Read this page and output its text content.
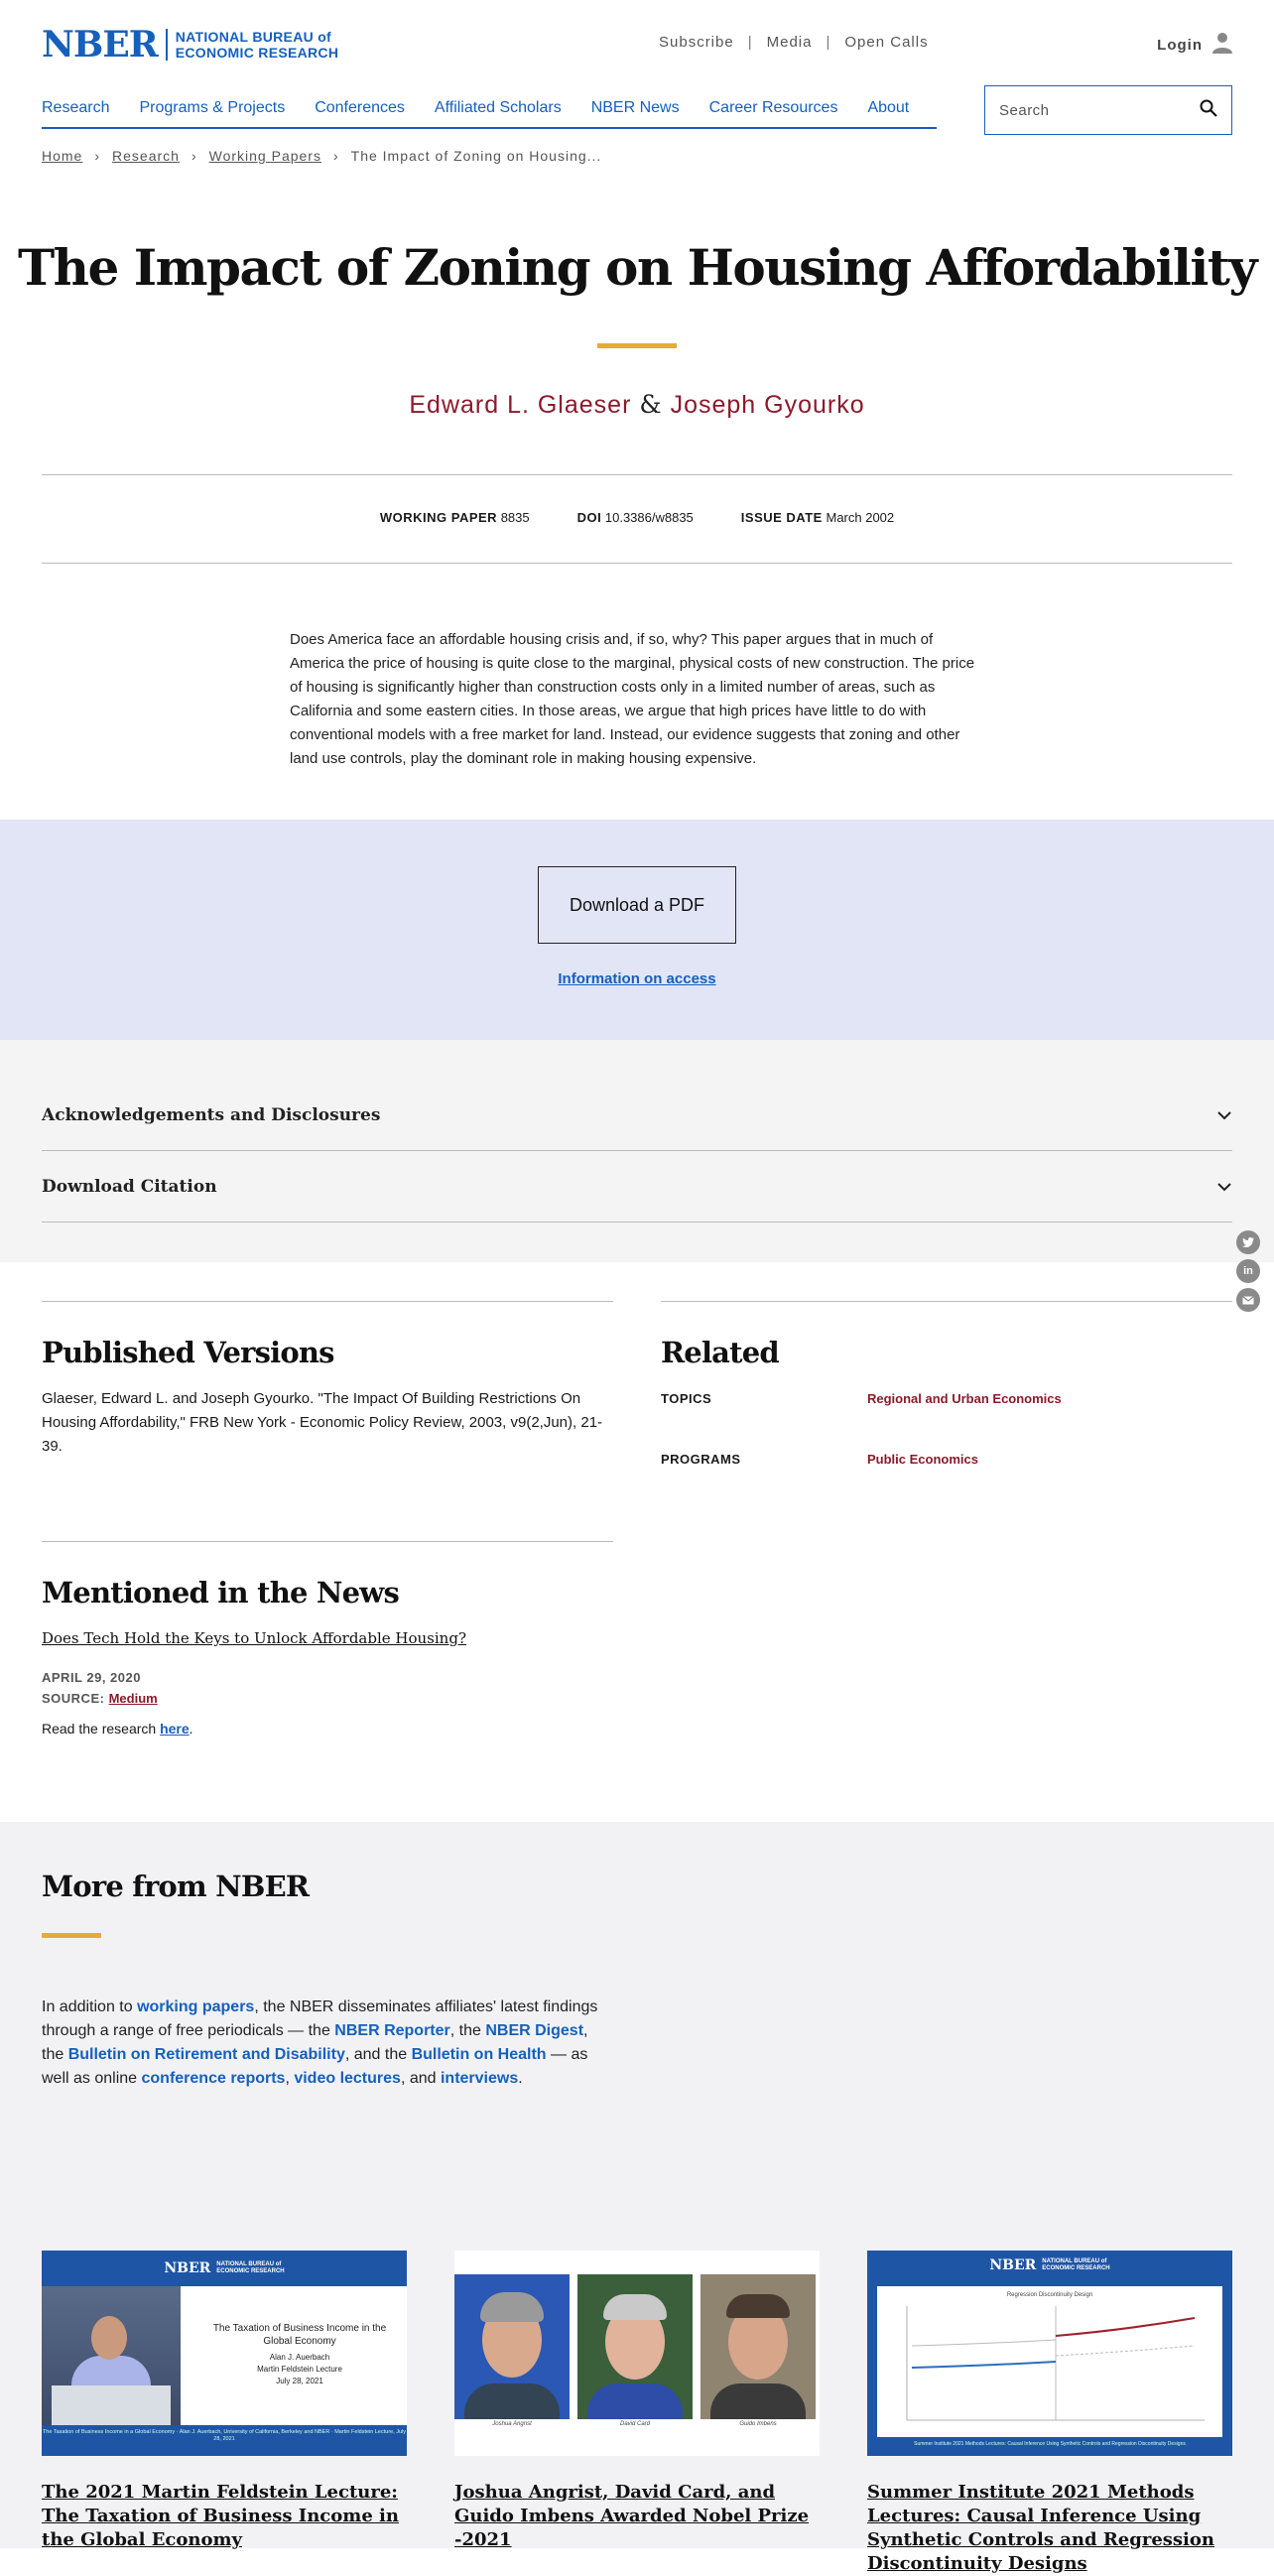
NBER NATIONAL BUREAU of
ECONOMIC RESEARCH
Subscribe | Media | Open Calls	Login
Research Programs & Projects Conferences Affiliated Scholars NBER News Career Resources About
Search
Home › Research › Working Papers › The Impact of Zoning on Housing...
The Impact of Zoning on Housing Affordability
Edward L. Glaeser & Joseph Gyourko
WORKING PAPER 8835	DOI 10.3386/w8835	ISSUE DATE March 2002

Does America face an affordable housing crisis and, if so, why? This paper argues that in much of America the price of housing is quite close to the marginal, physical costs of new construction. The price of housing is significantly higher than construction costs only in a limited number of areas, such as California and some eastern cities. In those areas, we argue that high prices have little to do with conventional models with a free market for land. Instead, our evidence suggests that zoning and other land use controls, play the dominant role in making housing expensive.

Download a PDF
Information on access
Acknowledgements and Disclosures
Download Citation
in
Published Versions

Glaeser, Edward L. and Joseph Gyourko. "The Impact Of Building Restrictions On Housing Affordability," FRB New York - Economic Policy Review, 2003, v9(2,Jun), 21-39.

Related
TOPICS	Regional and Urban Economics
PROGRAMS	Public Economics
Mentioned in the News
Does Tech Hold the Keys to Unlock Affordable Housing?
APRIL 29, 2020
SOURCE: Medium
Read the research here.
More from NBER

In addition to working papers, the NBER disseminates affiliates' latest findings through a range of free periodicals — the NBER Reporter, the NBER Digest, the Bulletin on Retirement and Disability, and the Bulletin on Health — as well as online conference reports, video lectures, and interviews.

NBER NATIONAL BUREAU of
ECONOMIC RESEARCH
The Taxation of Business Income in the Global Economy
Alan J. Auerbach
Martin Feldstein Lecture
July 28, 2021
The Taxation of Business Income in a Global Economy · Alan J. Auerbach, University of California, Berkeley and NBER · Martin Feldstein Lecture, July 28, 2021
The 2021 Martin Feldstein Lecture: The Taxation of Business Income in the Global Economy
Joshua Angrist	David Card	Guido Imbens
Joshua Angrist, David Card, and Guido Imbens Awarded Nobel Prize -2021
NBER NATIONAL BUREAU of
ECONOMIC RESEARCH
Regression Discontinuity Design
Summer Institute 2021 Methods Lectures: Causal Inference Using Synthetic Controls and Regression Discontinuity Designs
Summer Institute 2021 Methods Lectures: Causal Inference Using Synthetic Controls and Regression Discontinuity Designs
